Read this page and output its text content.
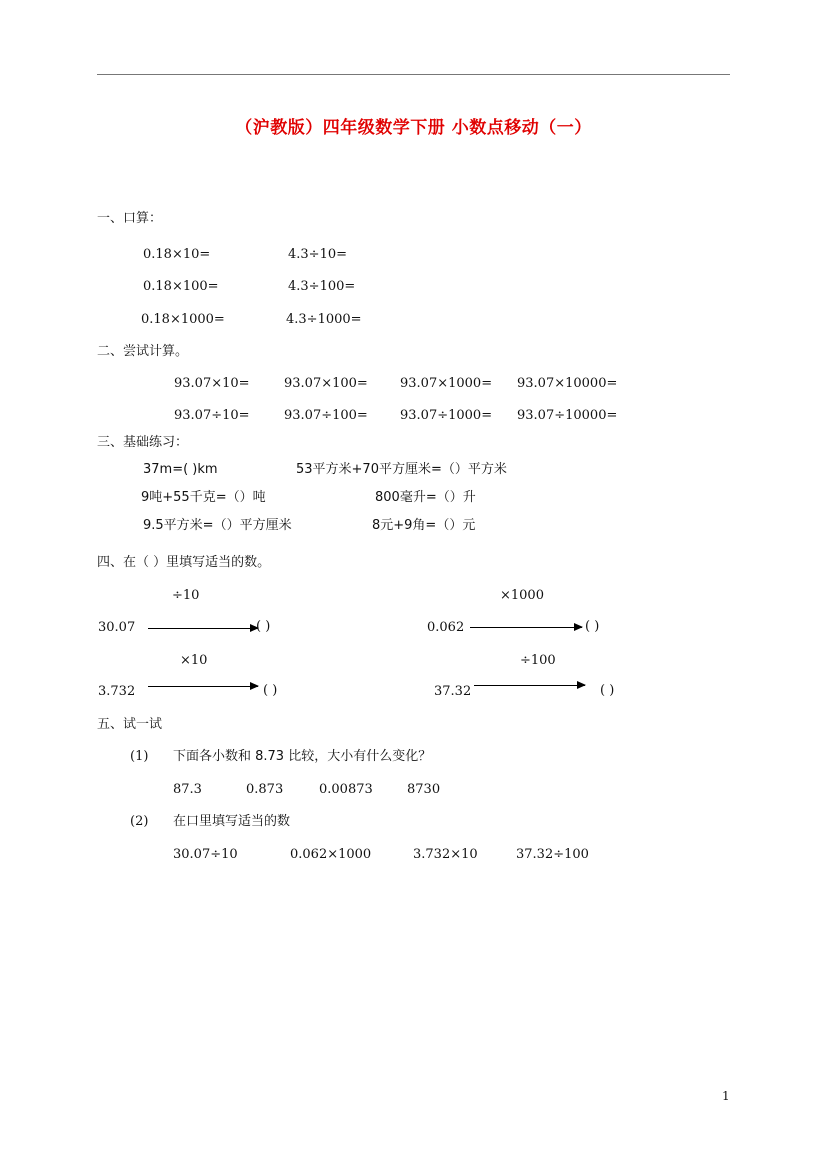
（沪教版）四年级数学下册 小数点移动（一）
一、口算：
0.18×10=	4.3÷10=
0.18×100=	4.3÷100=
0.18×1000=	4.3÷1000=
二、尝试计算。
93.07×10=	93.07×100= 93.07×1000= 93.07×10000=
93.07÷10=	93.07÷100= 93.07÷1000= 93.07÷10000=
三、基础练习：
37m=( )km	53平方米+70平方厘米=（）平方米
9吨+55千克=（）吨	800毫升=（）升
9.5平方米=（）平方厘米	8元+9角=（）元
四、在（ ）里填写适当的数。
÷10
30.07	( )
×1000
0.062	( )
×10
3.732	( )
÷100
37.32	( )
五、试一试
(1) 下面各小数和 8.73 比较，大小有什么变化？
87.3	0.873	0.00873	8730
(2) 在口里填写适当的数
30.07÷10	0.062×1000	3.732×10	37.32÷100
1
